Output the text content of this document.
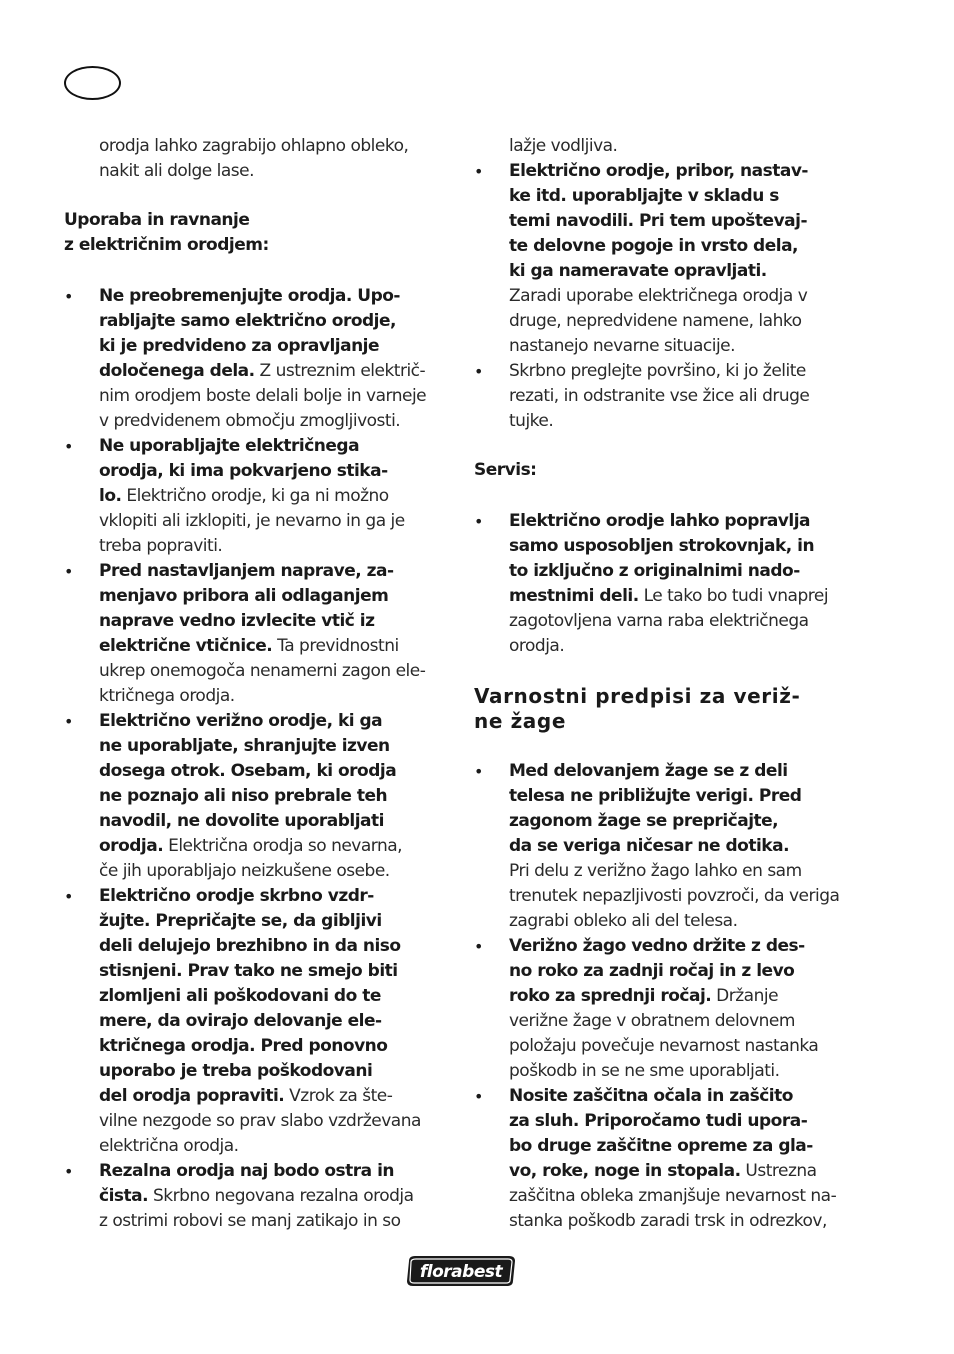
orodja lahko zagrabijo ohlapno obleko,
nakit ali dolge lase.
Uporaba in ravnanje
z električnim orodjem:
• Ne preobremenjujte orodja. Upo-
rabljajte samo električno orodje,
ki je predvideno za opravljanje
določenega dela. Z ustreznim električ-
nim orodjem boste delali bolje in varneje
v predvidenem območju zmogljivosti.
• Ne uporabljajte električnega
orodja, ki ima pokvarjeno stika-
lo. Električno orodje, ki ga ni možno
vklopiti ali izklopiti, je nevarno in ga je
treba popraviti.
• Pred nastavljanjem naprave, za-
menjavo pribora ali odlaganjem
naprave vedno izvlecite vtič iz
električne vtičnice. Ta previdnostni
ukrep onemogoča nenamerni zagon ele-
ktričnega orodja.
• Električno verižno orodje, ki ga
ne uporabljate, shranjujte izven
dosega otrok. Osebam, ki orodja
ne poznajo ali niso prebrale teh
navodil, ne dovolite uporabljati
orodja. Električna orodja so nevarna,
če jih uporabljajo neizkušene osebe.
• Električno orodje skrbno vzdr-
žujte. Prepričajte se, da gibljivi
deli delujejo brezhibno in da niso
stisnjeni. Prav tako ne smejo biti
zlomljeni ali poškodovani do te
mere, da ovirajo delovanje ele-
ktričnega orodja. Pred ponovno
uporabo je treba poškodovani
del orodja popraviti. Vzrok za šte-
vilne nezgode so prav slabo vzdrževana
električna orodja.
• Rezalna orodja naj bodo ostra in
čista. Skrbno negovana rezalna orodja
z ostrimi robovi se manj zatikajo in so
lažje vodljiva.
• Električno orodje, pribor, nastav-
ke itd. uporabljajte v skladu s
temi navodili. Pri tem upoštevaj-
te delovne pogoje in vrsto dela,
ki ga nameravate opravljati.
Zaradi uporabe električnega orodja v
druge, nepredvidene namene, lahko
nastanejo nevarne situacije.
• Skrbno preglejte površino, ki jo želite
rezati, in odstranite vse žice ali druge
tujke.
Servis:
• Električno orodje lahko popravlja
samo usposobljen strokovnjak, in
to izključno z originalnimi nado-
mestnimi deli. Le tako bo tudi vnaprej
zagotovljena varna raba električnega
orodja.
Varnostni predpisi za veriž-
ne žage
• Med delovanjem žage se z deli
telesa ne približujte verigi. Pred
zagonom žage se prepričajte,
da se veriga ničesar ne dotika.
Pri delu z verižno žago lahko en sam
trenutek nepazljivosti povzroči, da veriga
zagrabi obleko ali del telesa.
• Verižno žago vedno držite z des-
no roko za zadnji ročaj in z levo
roko za sprednji ročaj. Držanje
verižne žage v obratnem delovnem
položaju povečuje nevarnost nastanka
poškodb in se ne sme uporabljati.
• Nosite zaščitna očala in zaščito
za sluh. Priporočamo tudi upora-
bo druge zaščitne opreme za gla-
vo, roke, noge in stopala. Ustrezna
zaščitna obleka zmanjšuje nevarnost na-
stanka poškodb zaradi trsk in odrezkov,
florabest
